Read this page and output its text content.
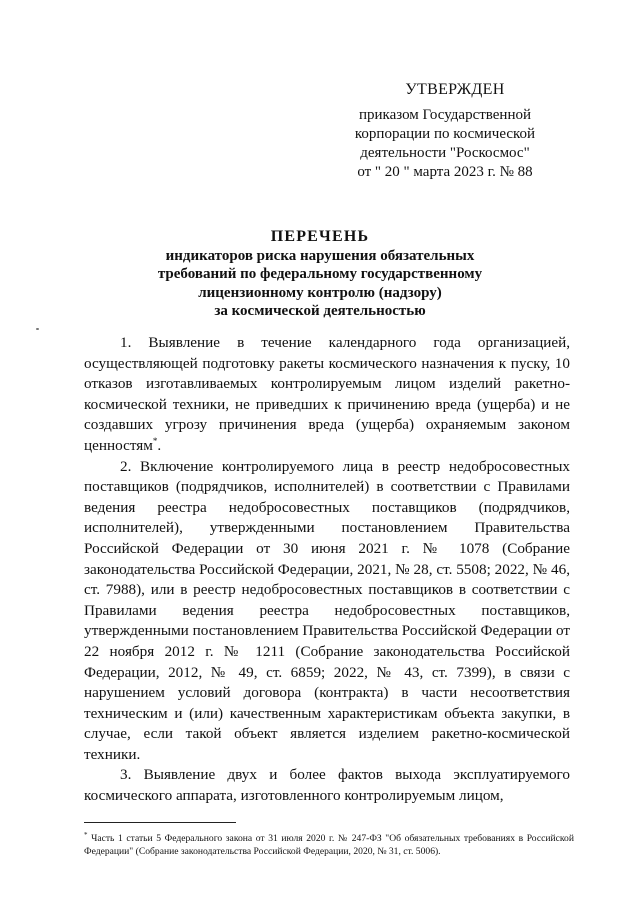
УТВЕРЖДЕН
приказом Государственной
корпорации по космической
деятельности "Роскосмос"
от " 20 " марта 2023 г. № 88
ПЕРЕЧЕНЬ
индикаторов риска нарушения обязательных
требований по федеральному государственному
лицензионному контролю (надзору)
за космической деятельностью

1. Выявление в течение календарного года организацией, осуществляющей подготовку ракеты космического назначения к пуску, 10 отказов изготавливаемых контролируемым лицом изделий ракетно-космической техники, не приведших к причинению вреда (ущерба) и не создавших угрозу причинения вреда (ущерба) охраняемым законом ценностям*.

2. Включение контролируемого лица в реестр недобросовестных поставщиков (подрядчиков, исполнителей) в соответствии с Правилами ведения реестра недобросовестных поставщиков (подрядчиков, исполнителей), утвержденными постановлением Правительства Российской Федерации от 30 июня 2021 г. № 1078 (Собрание законодательства Российской Федерации, 2021, № 28, ст. 5508; 2022, № 46, ст. 7988), или в реестр недобросовестных поставщиков в соответствии с Правилами ведения реестра недобросовестных поставщиков, утвержденными постановлением Правительства Российской Федерации от 22 ноября 2012 г. № 1211 (Собрание законодательства Российской Федерации, 2012, № 49, ст. 6859; 2022, № 43, ст. 7399), в связи с нарушением условий договора (контракта) в части несоответствия техническим и (или) качественным характеристикам объекта закупки, в случае, если такой объект является изделием ракетно-космической техники.

3. Выявление двух и более фактов выхода эксплуатируемого космического аппарата, изготовленного контролируемым лицом,

* Часть 1 статьи 5 Федерального закона от 31 июля 2020 г. № 247-ФЗ "Об обязательных требованиях в Российской Федерации" (Собрание законодательства Российской Федерации, 2020, № 31, ст. 5006).
